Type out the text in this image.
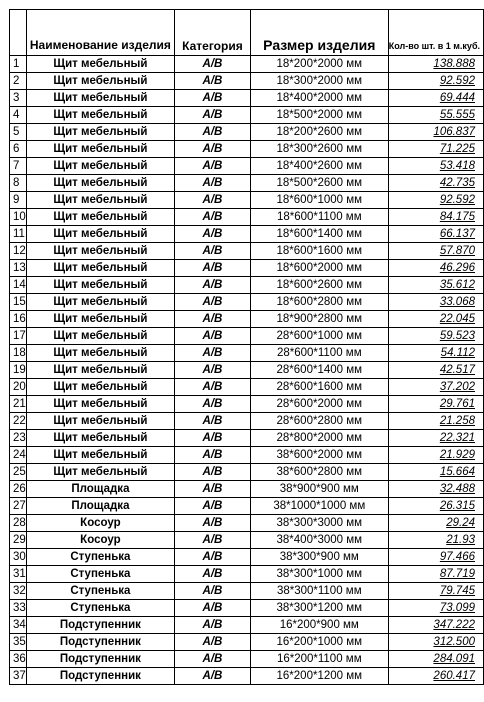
	Наименование изделия	Категория	Размер изделия	Кол-во шт. в 1 м.куб.
1	Щит мебельный	A/B	18*200*2000 мм	138.888
2	Щит мебельный	A/B	18*300*2000 мм	92.592
3	Щит мебельный	A/B	18*400*2000 мм	69.444
4	Щит мебельный	A/B	18*500*2000 мм	55.555
5	Щит мебельный	A/B	18*200*2600 мм	106.837
6	Щит мебельный	A/B	18*300*2600 мм	71.225
7	Щит мебельный	A/B	18*400*2600 мм	53.418
8	Щит мебельный	A/B	18*500*2600 мм	42.735
9	Щит мебельный	A/B	18*600*1000 мм	92.592
10	Щит мебельный	A/B	18*600*1100 мм	84.175
11	Щит мебельный	A/B	18*600*1400 мм	66.137
12	Щит мебельный	A/B	18*600*1600 мм	57.870
13	Щит мебельный	A/B	18*600*2000 мм	46.296
14	Щит мебельный	A/B	18*600*2600 мм	35.612
15	Щит мебельный	A/B	18*600*2800 мм	33.068
16	Щит мебельный	A/B	18*900*2800 мм	22.045
17	Щит мебельный	A/B	28*600*1000 мм	59.523
18	Щит мебельный	A/B	28*600*1100 мм	54.112
19	Щит мебельный	A/B	28*600*1400 мм	42.517
20	Щит мебельный	A/B	28*600*1600 мм	37.202
21	Щит мебельный	A/B	28*600*2000 мм	29.761
22	Щит мебельный	A/B	28*600*2800 мм	21.258
23	Щит мебельный	A/B	28*800*2000 мм	22.321
24	Щит мебельный	A/B	38*600*2000 мм	21.929
25	Щит мебельный	A/B	38*600*2800 мм	15.664
26	Площадка	A/B	38*900*900 мм	32.488
27	Площадка	A/B	38*1000*1000 мм	26.315
28	Косоур	A/B	38*300*3000 мм	29.24
29	Косоур	A/B	38*400*3000 мм	21.93
30	Ступенька	A/B	38*300*900 мм	97.466
31	Ступенька	A/B	38*300*1000 мм	87.719
32	Ступенька	A/B	38*300*1100 мм	79.745
33	Ступенька	A/B	38*300*1200 мм	73.099
34	Подступенник	A/B	16*200*900 мм	347.222
35	Подступенник	A/B	16*200*1000 мм	312.500
36	Подступенник	A/B	16*200*1100 мм	284.091
37	Подступенник	A/B	16*200*1200 мм	260.417
